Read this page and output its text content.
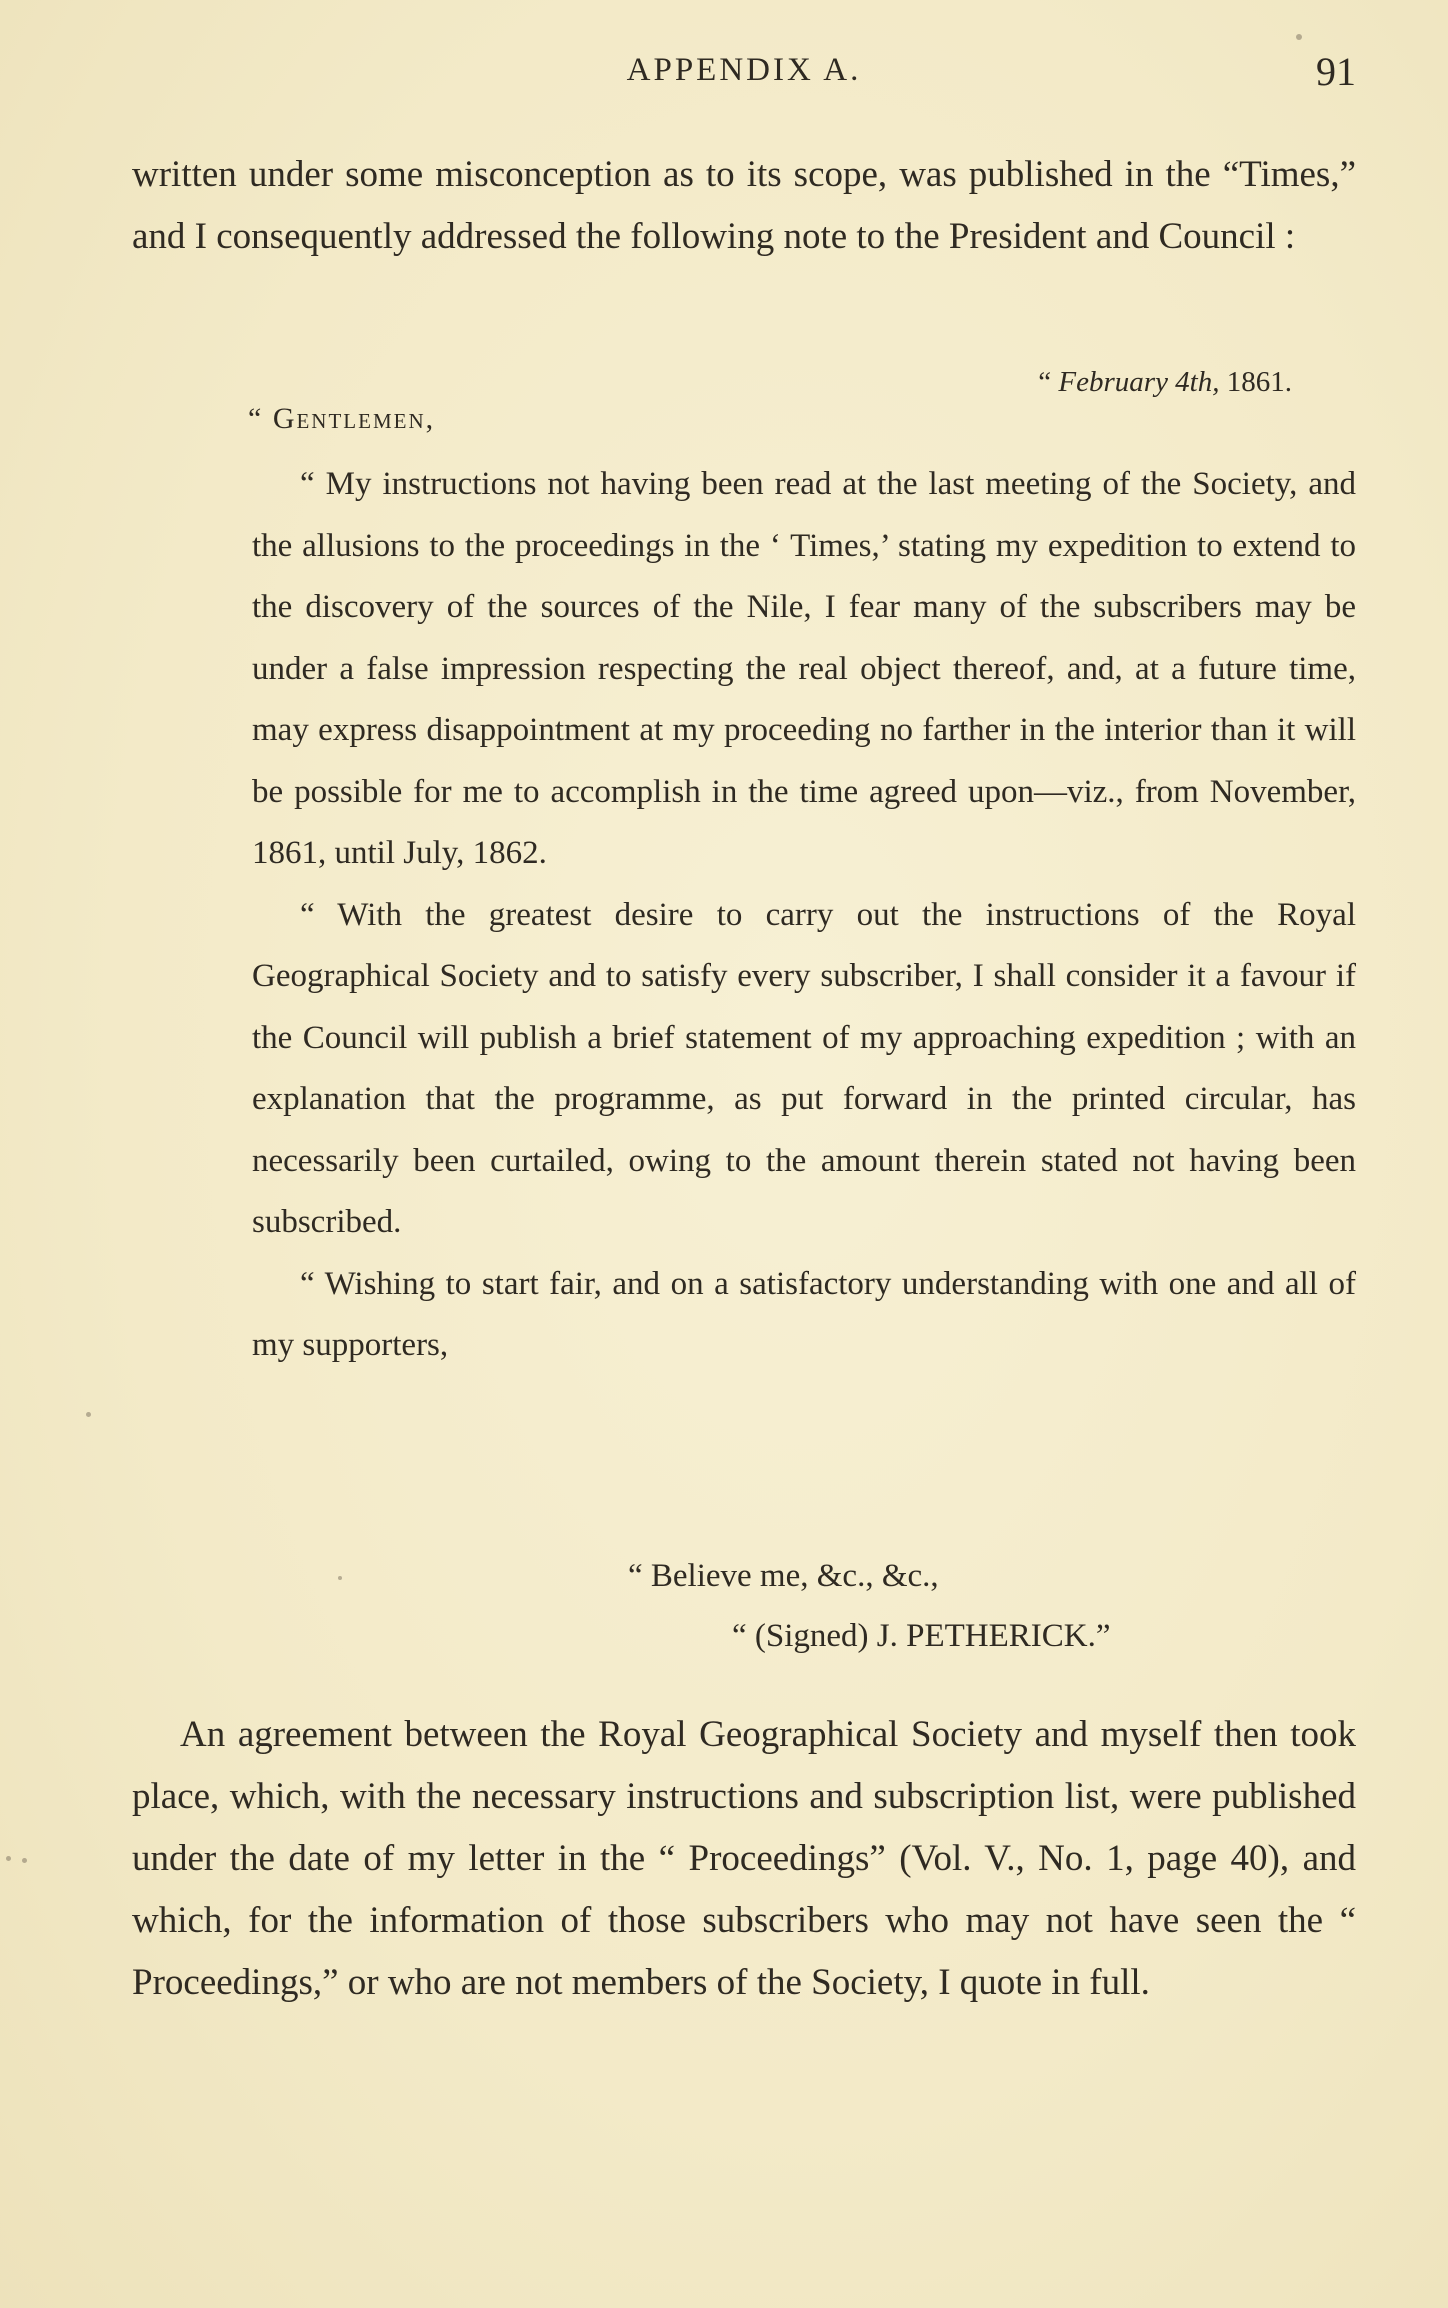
APPENDIX A.	91
written under some misconception as to its scope, was published in the “Times,” and I consequently addressed the following note to the President and Council :
“ February 4th, 1861.
“ Gentlemen,
“ My instructions not having been read at the last meeting of the Society, and the allusions to the proceedings in the ‘ Times,’ stating my expedition to extend to the discovery of the sources of the Nile, I fear many of the subscribers may be under a false impression respecting the real object thereof, and, at a future time, may express disappointment at my proceeding no farther in the interior than it will be possible for me to accomplish in the time agreed upon—viz., from November, 1861, until July, 1862.
“ With the greatest desire to carry out the instructions of the Royal Geographical Society and to satisfy every subscriber, I shall consider it a favour if the Council will publish a brief statement of my approaching expedition ; with an explanation that the programme, as put forward in the printed circular, has necessarily been curtailed, owing to the amount therein stated not having been subscribed.
“ Wishing to start fair, and on a satisfactory understanding with one and all of my supporters,
“ Believe me, &c., &c.,
“ (Signed) J. PETHERICK.”
An agreement between the Royal Geographical Society and myself then took place, which, with the necessary instructions and subscription list, were published under the date of my letter in the “ Proceedings” (Vol. V., No. 1, page 40), and which, for the information of those subscribers who may not have seen the “ Proceedings,” or who are not members of the Society, I quote in full.
